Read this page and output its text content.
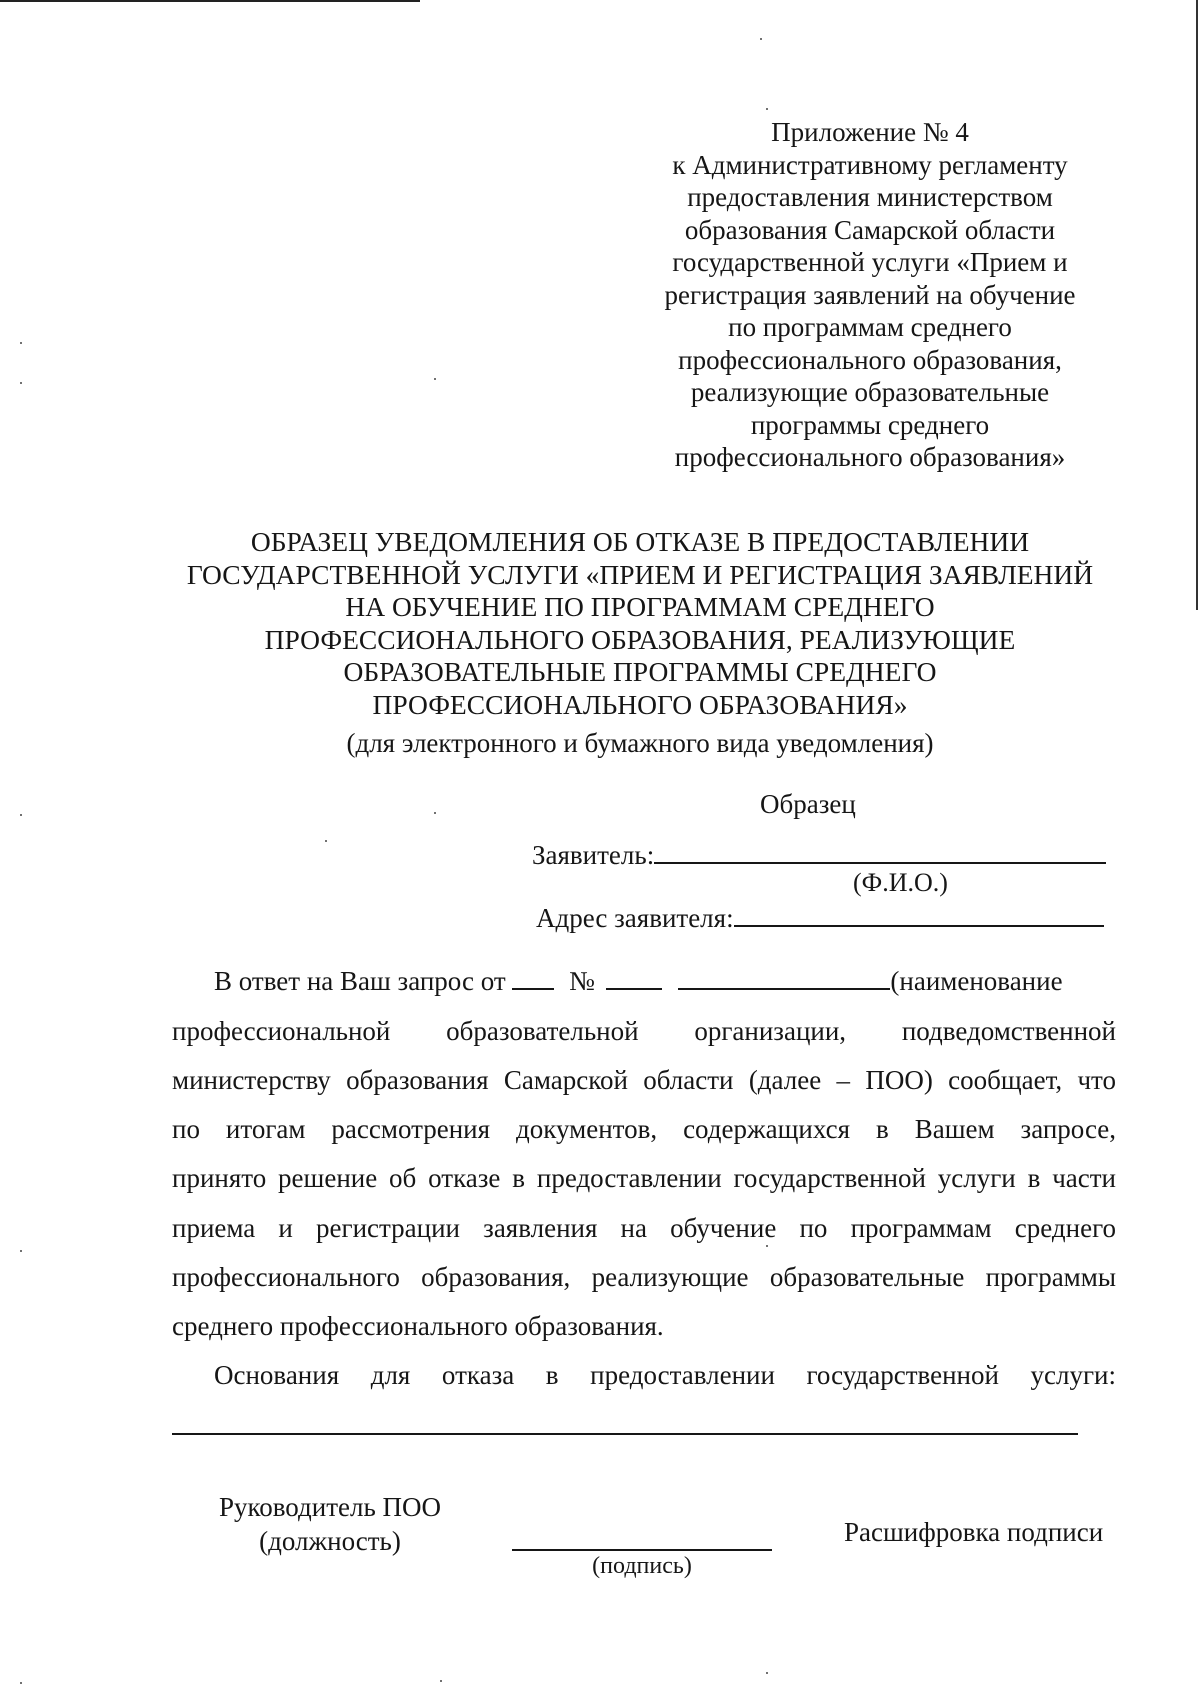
Приложение № 4
к Административному регламенту
предоставления министерством
образования Самарской области
государственной услуги «Прием и
регистрация заявлений на обучение
по программам среднего
профессионального образования,
реализующие образовательные
программы среднего
профессионального образования»
ОБРАЗЕЦ УВЕДОМЛЕНИЯ ОБ ОТКАЗЕ В ПРЕДОСТАВЛЕНИИ
ГОСУДАРСТВЕННОЙ УСЛУГИ «ПРИЕМ И РЕГИСТРАЦИЯ ЗАЯВЛЕНИЙ
НА ОБУЧЕНИЕ ПО ПРОГРАММАМ СРЕДНЕГО
ПРОФЕССИОНАЛЬНОГО ОБРАЗОВАНИЯ, РЕАЛИЗУЮЩИЕ
ОБРАЗОВАТЕЛЬНЫЕ ПРОГРАММЫ СРЕДНЕГО
ПРОФЕССИОНАЛЬНОГО ОБРАЗОВАНИЯ»
(для электронного и бумажного вида уведомления)
Образец
Заявитель:
(Ф.И.О.)
Адрес заявителя:
В ответ на Ваш запрос от №	(наименование
профессиональной образовательной организации, подведомственной
министерству образования Самарской области (далее – ПОО) сообщает, что
по итогам рассмотрения документов, содержащихся в Вашем запросе,
принято решение об отказе в предоставлении государственной услуги в части
приема и регистрации заявления на обучение по программам среднего
профессионального образования, реализующие образовательные программы
среднего профессионального образования.
Основания для отказа в предоставлении государственной услуги:
Руководитель ПОО
(должность)
(подпись)
Расшифровка подписи
